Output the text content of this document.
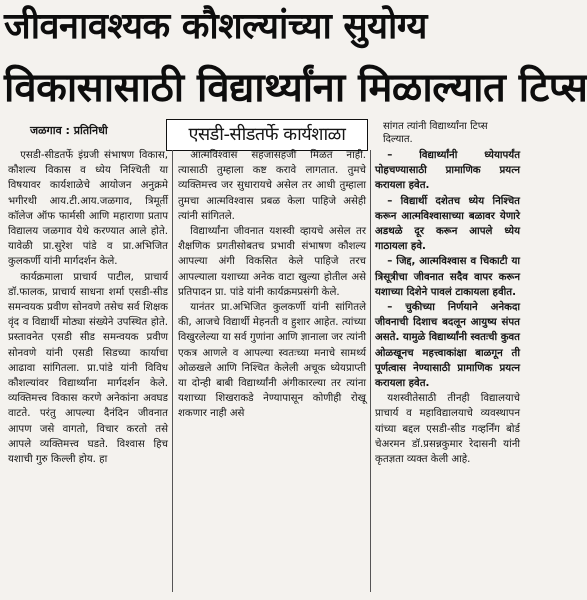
जीवनावश्यक कौशल्यांच्या सुयोग्य
विकासासाठी विद्यार्थ्यांना मिळाल्यात टिप्स
जळगाव : प्रतिनिधी	एसडी-सीडतर्फे कार्यशाळा	सांगत त्यांनी विद्यार्थ्यांना टिप्स दिल्यात.

एसडी-सीडतर्फे इंग्रजी संभाषण विकास, कौशल्य विकास व ध्येय निश्चिती या विषयावर कार्यशाळेचे आयोजन अनुक्रमे भगीरथी आय.टी.आय.जळगाव, त्रिमूर्ती कॉलेज ऑफ फार्मसी आणि महाराणा प्रताप विद्यालय जळगाव येथे करण्यात आले होते. यावेळी प्रा.सुरेश पांडे व प्रा.अभिजित कुलकर्णी यांनी मार्गदर्शन केले.

कार्यक्रमाला प्राचार्य पाटील, प्राचार्य डॉ.फालक, प्राचार्य साधना शर्मा एसडी-सीड समन्वयक प्रवीण सोनवणे तसेच सर्व शिक्षक वृंद व विद्यार्थी मोठ्या संख्येने उपस्थित होते. प्रस्तावनेत एसडी सीड समन्वयक प्रवीण सोनवणे यांनी एसडी सिडच्या कार्याचा आढावा सांगितला. प्रा.पांडे यांनी विविध कौशल्यांवर विद्यार्थ्यांना मार्गदर्शन केले. व्यक्तिमत्त्व विकास करणे अनेकांना अवघड वाटते. परंतु आपल्या दैनंदिन जीवनात आपण जसे वागतो, विचार करतो तसे आपले व्यक्तिमत्त्व घडते. विश्वास हिच यशाची गुरु किल्ली होय. हा

आत्मविश्वास सहजासहजी मिळत नाही. त्यासाठी तुम्हाला कष्ट करावे लागतात. तुमचे व्यक्तिमत्त्व जर सुधारायचे असेल तर आधी तुम्हाला तुमचा आत्मविश्वास प्रबळ केला पाहिजे असेही त्यांनी सांगितले.

विद्यार्थ्यांना जीवनात यशस्वी व्हायचे असेल तर शैक्षणिक प्रगतीसोबतच प्रभावी संभाषण कौशल्य आपल्या अंगी विकसित केले पाहिजे तरच आपल्याला यशाच्या अनेक वाटा खुल्या होतील असे प्रतिपादन प्रा. पांडे यांनी कार्यक्रमप्रसंगी केले.

यानंतर प्रा.अभिजित कुलकर्णी यांनी सांगितले की, आजचे विद्यार्थी मेहनती व हुशार आहेत. त्यांच्या विखुरलेल्या या सर्व गुणांना आणि ज्ञानाला जर त्यांनी एकत्र आणले व आपल्या स्वतःच्या मनाचे सामर्थ्य ओळखले आणि निश्चित केलेली अचूक ध्येयप्राप्ती या दोन्ही बाबी विद्यार्थ्यांनी अंगीकारल्या तर त्यांना यशाच्या शिखराकडे नेण्यापासून कोणीही रोखू शकणार नाही असे

– विद्यार्थ्यांनी ध्येयापर्यंत पोहचण्यासाठी प्रामाणिक प्रयत्न करायला हवेत.

– विद्यार्थी दशेतच ध्येय निश्चित करून आत्मविश्वासाच्या बळावर येणारे अडथळे दूर करून आपले ध्येय गाठायला हवे.

– जिद्द, आत्मविश्वास व चिकाटी या त्रिसूत्रीचा जीवनात सदैव वापर करून यशाच्या दिशेने पावलं टाकायला हवीत.

– चुकीच्या निर्णयाने अनेकदा जीवनाची दिशाच बदलून आयुष्य संपत असते. यामुळे विद्यार्थ्यांनी स्वतःची कुवत ओळखूनच महत्त्वाकांक्षा बाळगून ती पूर्णत्वास नेण्यासाठी प्रामाणिक प्रयत्न करायला हवेत.

यशस्वीतेसाठी तीनही विद्यालयाचे प्राचार्य व महाविद्यालयाचे व्यवस्थापन यांच्या बद्दल एसडी-सीड गव्हर्निंग बोर्ड चेअरमन डॉ.प्रसन्नकुमार रेदासनी यांनी कृतज्ञता व्यक्त केली आहे.
